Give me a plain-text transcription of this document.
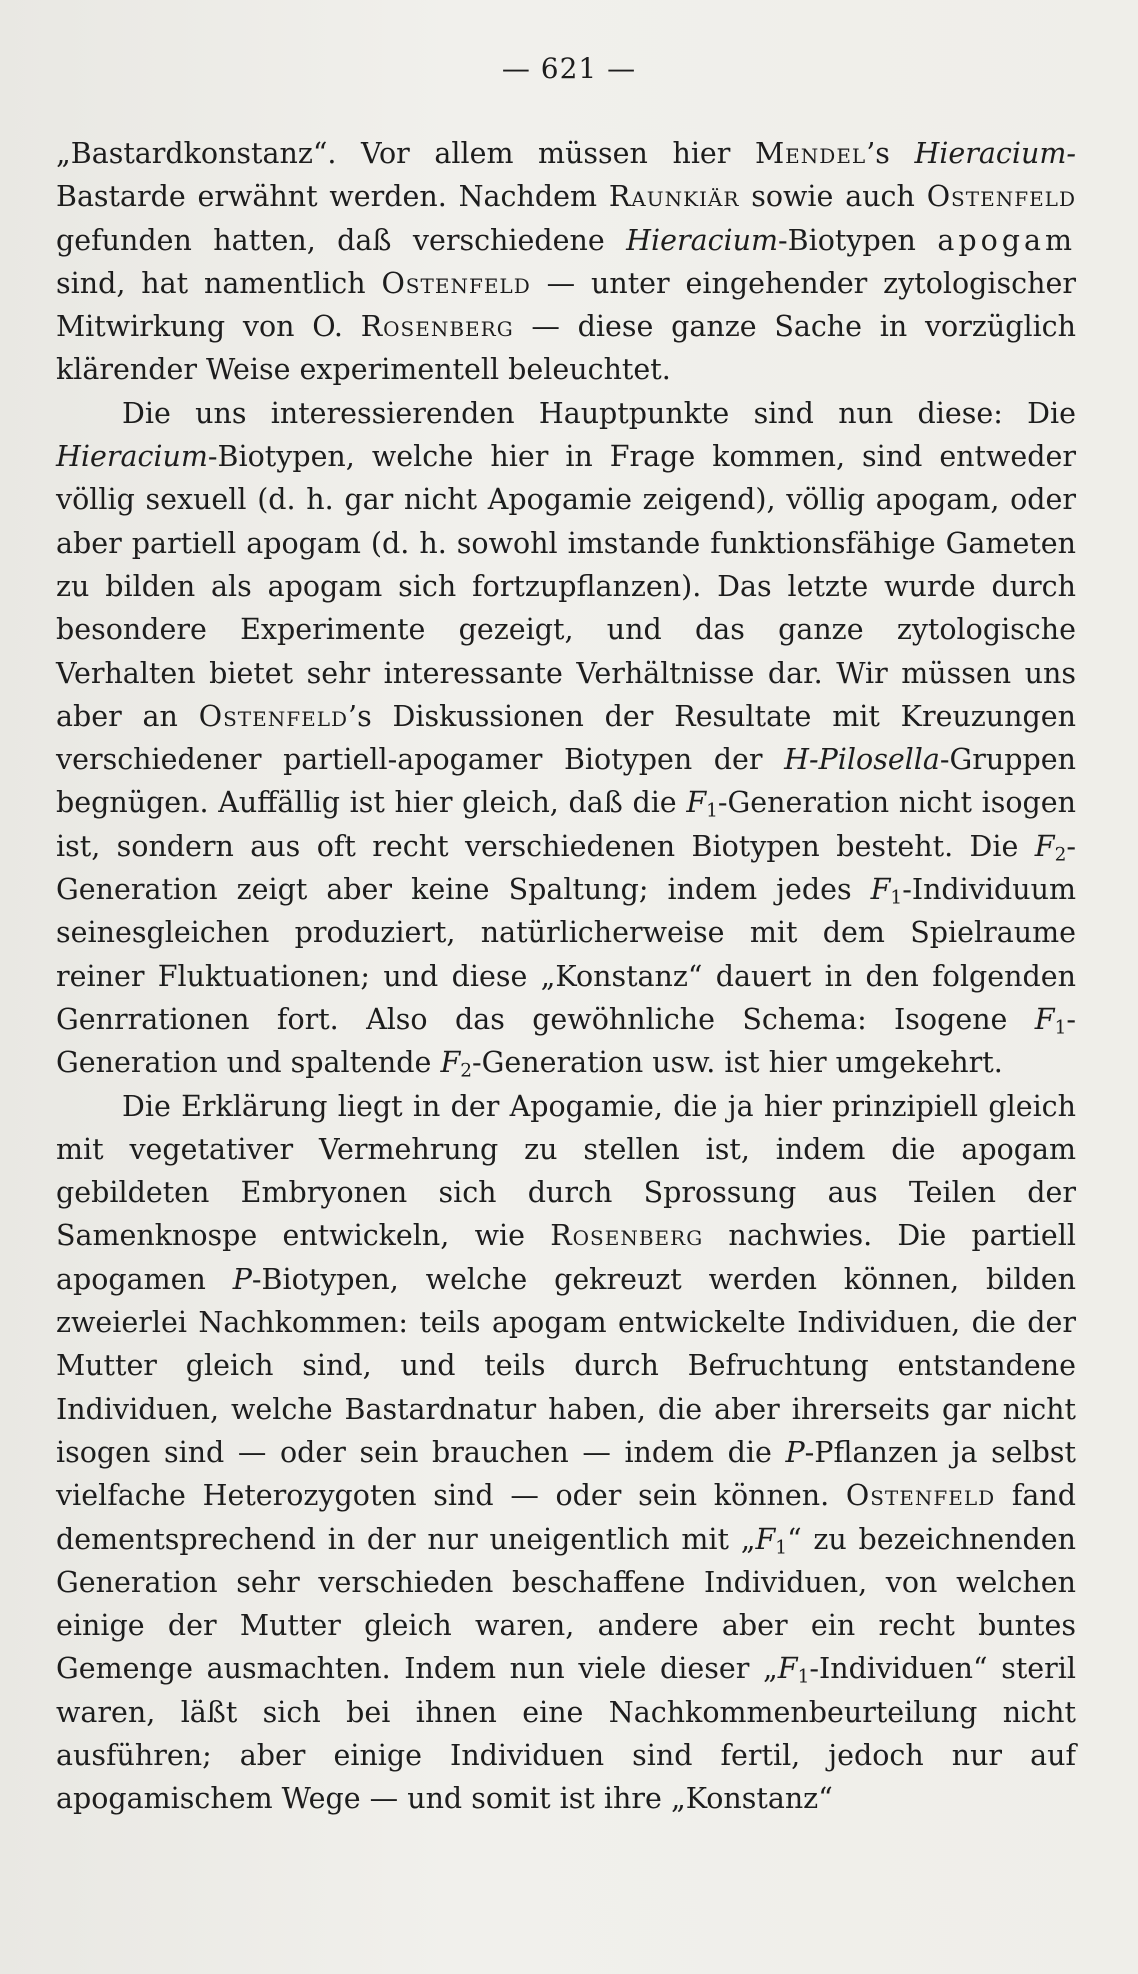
— 621 —

„Bastardkonstanz“. Vor allem müssen hier Mendel’s Hieracium- Bastarde erwähnt werden. Nachdem Raunkiär sowie auch Ostenfeld gefunden hatten, daß verschiedene Hieracium-Biotypen apogam sind, hat namentlich Ostenfeld — unter eingehender zytologischer Mitwirkung von O. Rosenberg — diese ganze Sache in vorzüglich klärender Weise experimentell beleuchtet.

Die uns interessierenden Hauptpunkte sind nun diese: Die Hieracium-Biotypen, welche hier in Frage kommen, sind entweder völlig sexuell (d. h. gar nicht Apogamie zeigend), völlig apogam, oder aber partiell apogam (d. h. sowohl imstande funktionsfähige Gameten zu bilden als apogam sich fortzupflanzen). Das letzte wurde durch besondere Experimente gezeigt, und das ganze zytologische Verhalten bietet sehr interessante Verhältnisse dar. Wir müssen uns aber an Ostenfeld’s Diskussionen der Resultate mit Kreuzungen verschiedener partiell-apogamer Biotypen der H-Pilosella-Gruppen begnügen. Auffällig ist hier gleich, daß die $F_1$-Generation nicht isogen ist, sondern aus oft recht verschiedenen Biotypen besteht. Die $F_2$-Generation zeigt aber keine Spaltung; indem jedes $F_1$-Individuum seinesgleichen produziert, natürlicherweise mit dem Spielraume reiner Fluktuationen; und diese „Konstanz“ dauert in den folgenden Genrrationen fort. Also das gewöhnliche Schema: Isogene $F_1$-Generation und spaltende $F_2$-Generation usw. ist hier umgekehrt.

Die Erklärung liegt in der Apogamie, die ja hier prinzipiell gleich mit vegetativer Vermehrung zu stellen ist, indem die apogam gebildeten Embryonen sich durch Sprossung aus Teilen der Samenknospe entwickeln, wie Rosenberg nachwies. Die partiell apogamen P-Biotypen, welche gekreuzt werden können, bilden zweierlei Nachkommen: teils apogam entwickelte Individuen, die der Mutter gleich sind, und teils durch Befruchtung entstandene Individuen, welche Bastardnatur haben, die aber ihrerseits gar nicht isogen sind — oder sein brauchen — indem die P-Pflanzen ja selbst vielfache Heterozygoten sind — oder sein können. Ostenfeld fand dementsprechend in der nur uneigentlich mit $„F_1“$ zu bezeichnenden Generation sehr verschieden beschaffene Individuen, von welchen einige der Mutter gleich waren, andere aber ein recht buntes Gemenge ausmachten. Indem nun viele dieser $„F_1-Individuen“$ steril waren, läßt sich bei ihnen eine Nachkommenbeurteilung nicht ausführen; aber einige Individuen sind fertil, jedoch nur auf apogamischem Wege — und somit ist ihre „Konstanz“
